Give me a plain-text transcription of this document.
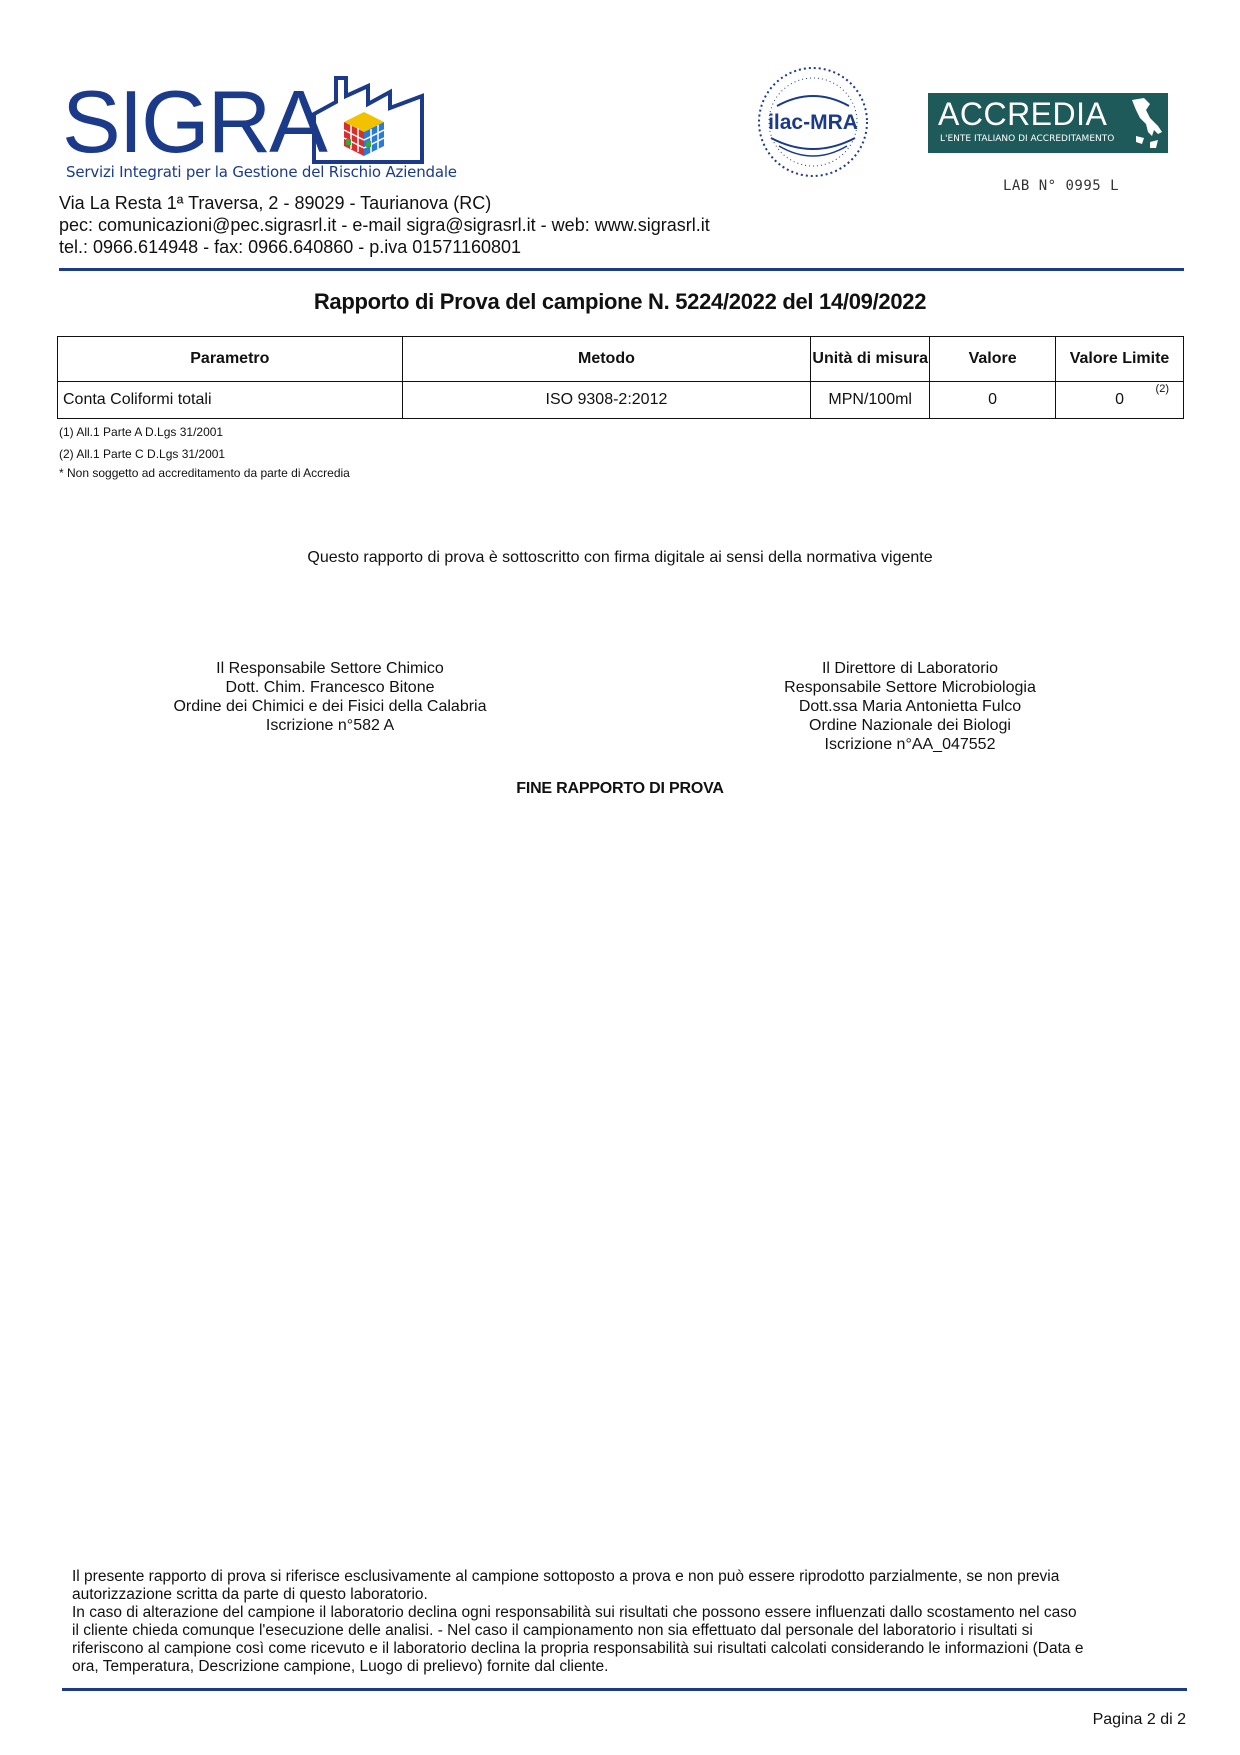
SIGRA
Servizi Integrati per la Gestione del Rischio Aziendale
Via La Resta 1ª Traversa, 2 - 89029 - Taurianova (RC)
pec: comunicazioni@pec.sigrasrl.it - e-mail sigra@sigrasrl.it - web: www.sigrasrl.it
tel.: 0966.614948 - fax: 0966.640860 - p.iva 01571160801
ilac-MRA	ACCREDIA
L'ENTE ITALIANO DI ACCREDITAMENTO
LAB N° 0995 L
Rapporto di Prova del campione N. 5224/2022 del 14/09/2022
Parametro	Metodo	Unità di misura	Valore	Valore Limite
Conta Coliformi totali	ISO 9308-2:2012	MPN/100ml	0	0
(2)
(1) All.1 Parte A D.Lgs 31/2001
(2) All.1 Parte C D.Lgs 31/2001
* Non soggetto ad accreditamento da parte di Accredia
Questo rapporto di prova è sottoscritto con firma digitale ai sensi della normativa vigente
Il Responsabile Settore Chimico
Dott. Chim. Francesco Bitone
Ordine dei Chimici e dei Fisici della Calabria
Iscrizione n°582 A
Il Direttore di Laboratorio
Responsabile Settore Microbiologia
Dott.ssa Maria Antonietta Fulco
Ordine Nazionale dei Biologi
Iscrizione n°AA_047552
FINE RAPPORTO DI PROVA
Il presente rapporto di prova si riferisce esclusivamente al campione sottoposto a prova e non può essere riprodotto parzialmente, se non previa
autorizzazione scritta da parte di questo laboratorio.
In caso di alterazione del campione il laboratorio declina ogni responsabilità sui risultati che possono essere influenzati dallo scostamento nel caso
il cliente chieda comunque l'esecuzione delle analisi. - Nel caso il campionamento non sia effettuato dal personale del laboratorio i risultati si
riferiscono al campione così come ricevuto e il laboratorio declina la propria responsabilità sui risultati calcolati considerando le informazioni (Data e
ora, Temperatura, Descrizione campione, Luogo di prelievo) fornite dal cliente.
Pagina 2 di 2
